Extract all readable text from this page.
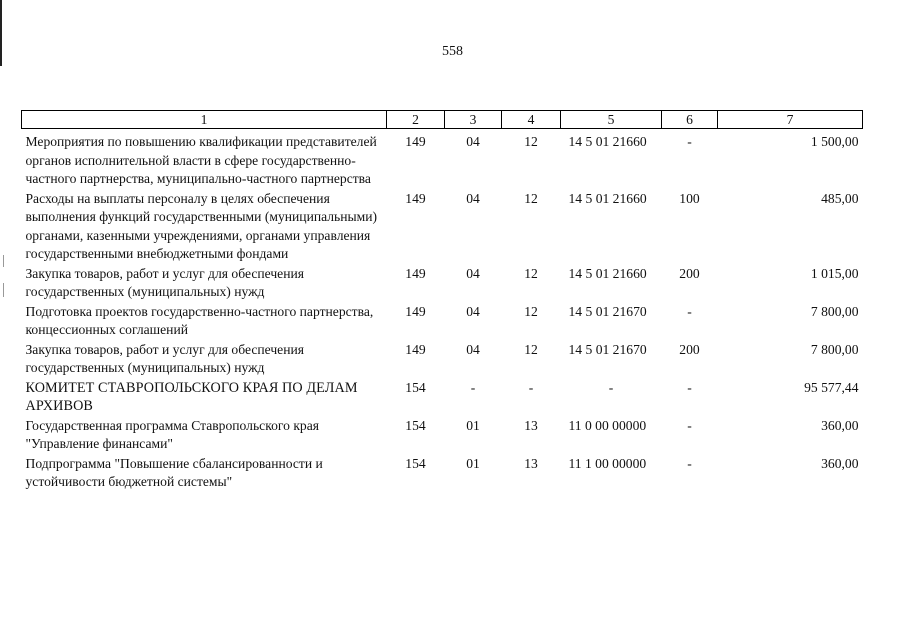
558
1	2	3	4	5	6	7
Мероприятия по повышению квалификации представителей органов исполнительной власти в сфере государственно-частного партнерства, муниципально-частного партнерства	149	04	12	14 5 01 21660	-	1 500,00
Расходы на выплаты персоналу в целях обеспечения выполнения функций государственными (муниципальными) органами, казенными учреждениями, органами управления государственными внебюджетными фондами	149	04	12	14 5 01 21660	100	485,00
Закупка товаров, работ и услуг для обеспечения государственных (муниципальных) нужд	149	04	12	14 5 01 21660	200	1 015,00
Подготовка проектов государственно-частного партнерства, концессионных соглашений	149	04	12	14 5 01 21670	-	7 800,00
Закупка товаров, работ и услуг для обеспечения государственных (муниципальных) нужд	149	04	12	14 5 01 21670	200	7 800,00
КОМИТЕТ СТАВРОПОЛЬСКОГО КРАЯ ПО ДЕЛАМ АРХИВОВ	154	-	-	-	-	95 577,44
Государственная программа Ставропольского края "Управление финансами"	154	01	13	11 0 00 00000	-	360,00
Подпрограмма "Повышение сбалансированности и устойчивости бюджетной системы"	154	01	13	11 1 00 00000	-	360,00
